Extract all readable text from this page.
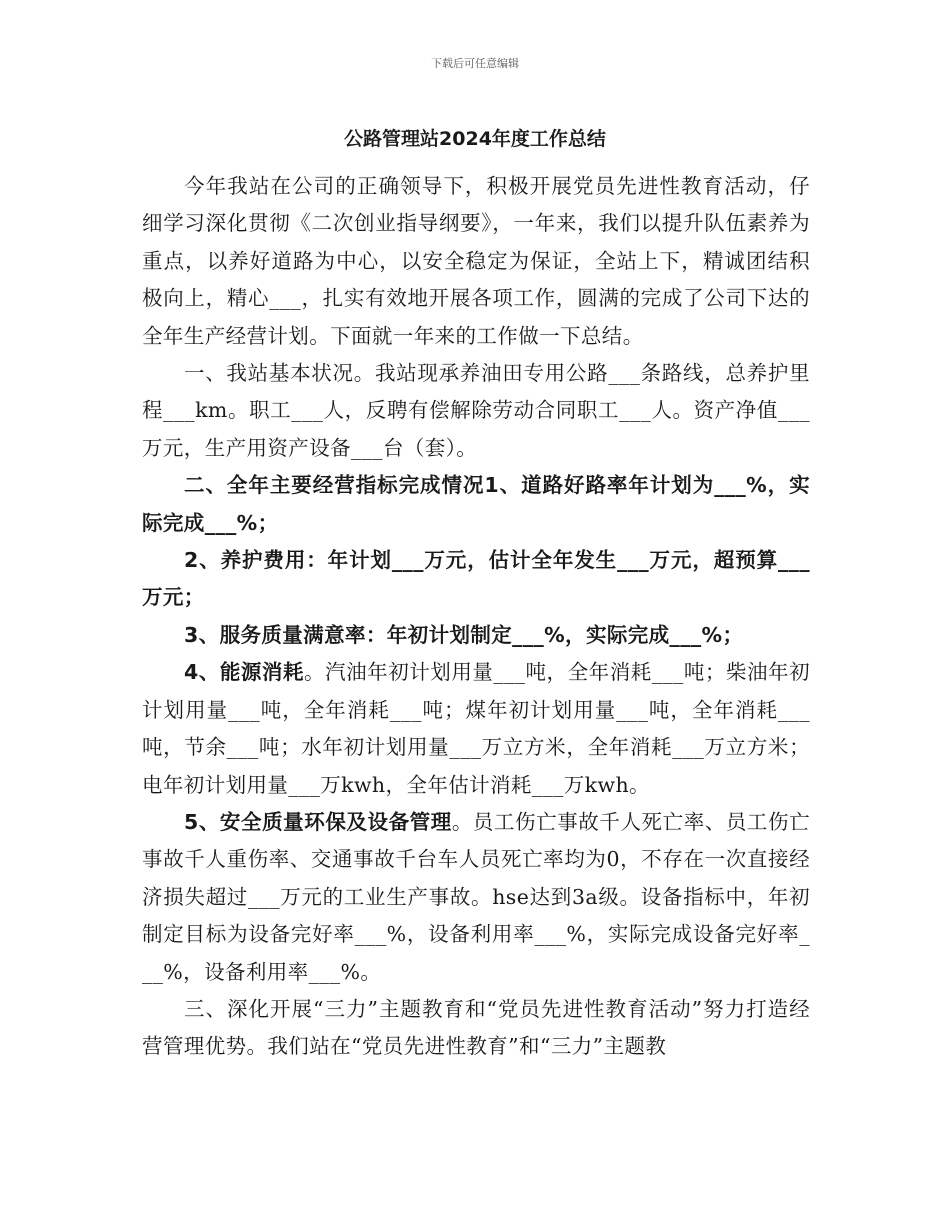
下载后可任意编辑
公路管理站2024年度工作总结

今年我站在公司的正确领导下，积极开展党员先进性教育活动，仔细学习深化贯彻《二次创业指导纲要》，一年来，我们以提升队伍素养为重点，以养好道路为中心，以安全稳定为保证，全站上下，精诚团结积极向上，精心___，扎实有效地开展各项工作，圆满的完成了公司下达的全年生产经营计划。下面就一年来的工作做一下总结。

一、我站基本状况。我站现承养油田专用公路___条路线，总养护里程___km。职工___人，反聘有偿解除劳动合同职工___人。资产净值___万元，生产用资产设备___台（套）。

二、全年主要经营指标完成情况1、道路好路率年计划为___%，实际完成___%；

2、养护费用：年计划___万元，估计全年发生___万元，超预算___万元；

3、服务质量满意率：年初计划制定___%，实际完成___%；

4、能源消耗。汽油年初计划用量___吨，全年消耗___吨；柴油年初计划用量___吨，全年消耗___吨；煤年初计划用量___吨，全年消耗___吨，节余___吨；水年初计划用量___万立方米，全年消耗___万立方米；电年初计划用量___万kwh，全年估计消耗___万kwh。

5、安全质量环保及设备管理。员工伤亡事故千人死亡率、员工伤亡事故千人重伤率、交通事故千台车人员死亡率均为0，不存在一次直接经济损失超过___万元的工业生产事故。hse达到3a级。设备指标中，年初制定目标为设备完好率___%，设备利用率___%，实际完成设备完好率___%，设备利用率___%。

三、深化开展“三力”主题教育和“党员先进性教育活动”努力打造经营管理优势。我们站在“党员先进性教育”和“三力”主题教
